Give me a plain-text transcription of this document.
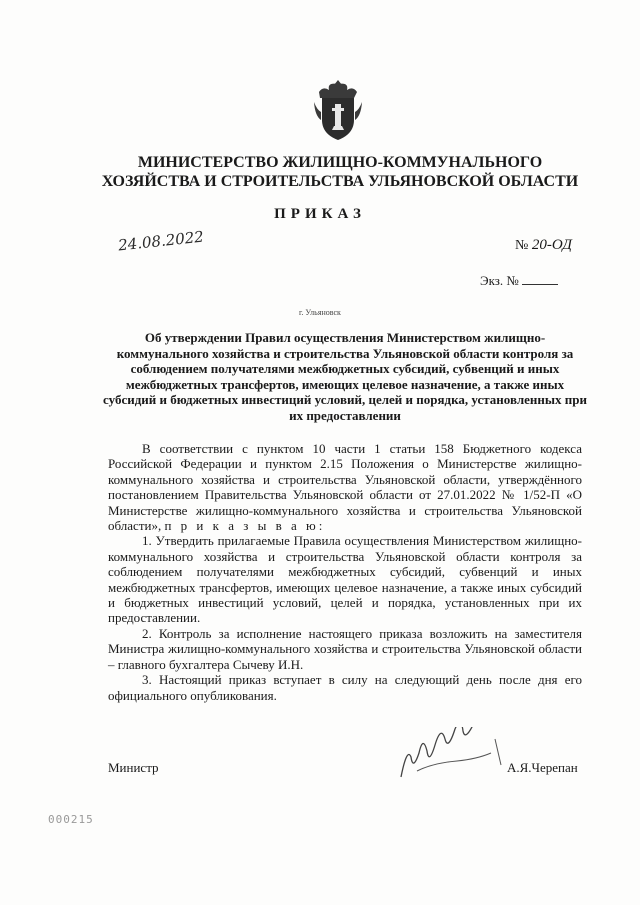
МИНИСТЕРСТВО ЖИЛИЩНО-КОММУНАЛЬНОГО
ХОЗЯЙСТВА И СТРОИТЕЛЬСТВА УЛЬЯНОВСКОЙ ОБЛАСТИ
ПРИКАЗ
24.08.2022	№ 20-ОД
Экз. №
г. Ульяновск
Об утверждении Правил осуществления Министерством жилищно-коммунального хозяйства и строительства Ульяновской области контроля за соблюдением получателями межбюджетных субсидий, субвенций и иных межбюджетных трансфертов, имеющих целевое назначение, а также иных субсидий и бюджетных инвестиций условий, целей и порядка, установленных при их предоставлении

В соответствии с пунктом 10 части 1 статьи 158 Бюджетного кодекса Российской Федерации и пунктом 2.15 Положения о Министерстве жилищно-коммунального хозяйства и строительства Ульяновской области, утверждённого постановлением Правительства Ульяновской области от 27.01.2022 № 1/52-П «О Министерстве жилищно-коммунального хозяйства и строительства Ульяновской области», п р и к а з ы в а ю:

1. Утвердить прилагаемые Правила осуществления Министерством жилищно-коммунального хозяйства и строительства Ульяновской области контроля за соблюдением получателями межбюджетных субсидий, субвенций и иных межбюджетных трансфертов, имеющих целевое назначение, а также иных субсидий и бюджетных инвестиций условий, целей и порядка, установленных при их предоставлении.

2. Контроль за исполнение настоящего приказа возложить на заместителя Министра жилищно-коммунального хозяйства и строительства Ульяновской области – главного бухгалтера Сычеву И.Н.

3. Настоящий приказ вступает в силу на следующий день после дня его официального опубликования.

Министр	А.Я.Черепан
000215
